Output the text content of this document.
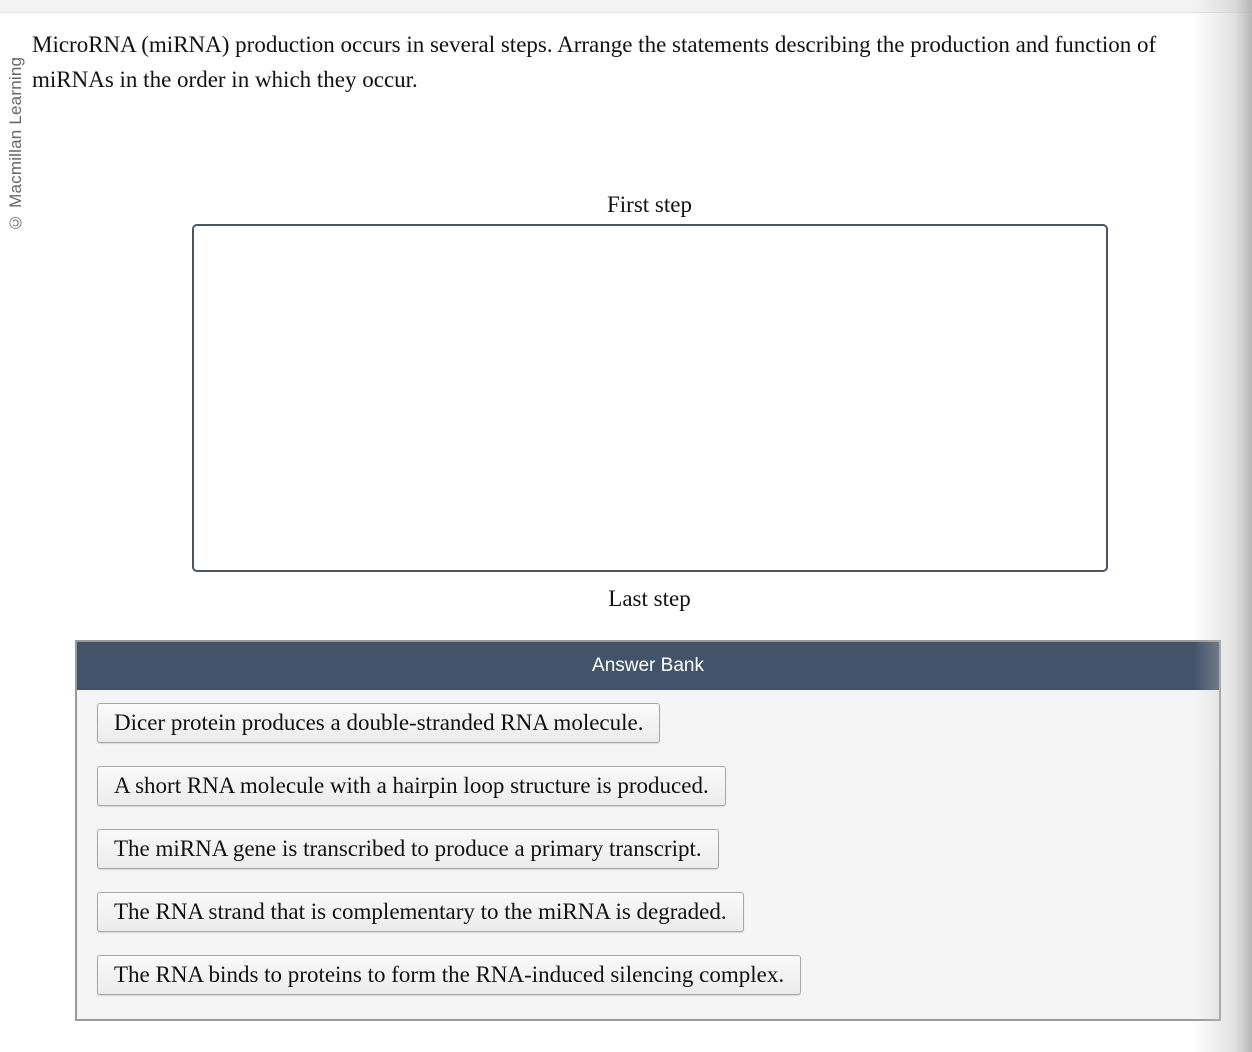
© Macmillan Learning
MicroRNA (miRNA) production occurs in several steps. Arrange the statements describing the production and function of miRNAs in the order in which they occur.
First step
Last step
Answer Bank
Dicer protein produces a double-stranded RNA molecule.
A short RNA molecule with a hairpin loop structure is produced.
The miRNA gene is transcribed to produce a primary transcript.
The RNA strand that is complementary to the miRNA is degraded.
The RNA binds to proteins to form the RNA-induced silencing complex.
